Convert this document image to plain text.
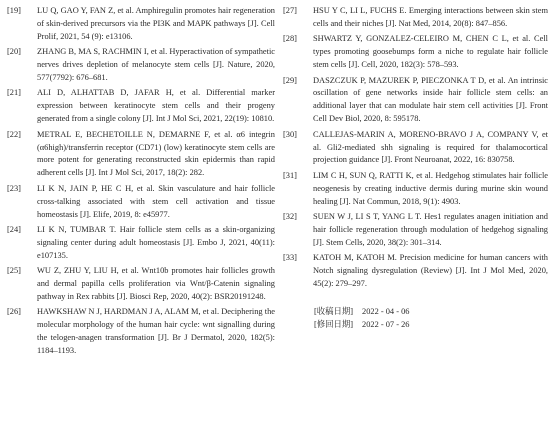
[19]	LU Q, GAO Y, FAN Z, et al. Amphiregulin promotes hair regeneration of skin-derived precursors via the PI3K and MAPK pathways [J]. Cell Prolif, 2021, 54 (9): e13106.
[20]	ZHANG B, MA S, RACHMIN I, et al. Hyperactivation of sympathetic nerves drives depletion of melanocyte stem cells [J]. Nature, 2020, 577(7792): 676–681.
[21]	ALI D, ALHATTAB D, JAFAR H, et al. Differential marker expression between keratinocyte stem cells and their progeny generated from a single colony [J]. Int J Mol Sci, 2021, 22(19): 10810.
[22]	METRAL E, BECHETOILLE N, DEMARNE F, et al. α6 integrin (α6high)/transferrin receptor (CD71) (low) keratinocyte stem cells are more potent for generating reconstructed skin epidermis than rapid adherent cells [J]. Int J Mol Sci, 2017, 18(2): 282.
[23]	LI K N, JAIN P, HE C H, et al. Skin vasculature and hair follicle cross-talking associated with stem cell activation and tissue homeostasis [J]. Elife, 2019, 8: e45977.
[24]	LI K N, TUMBAR T. Hair follicle stem cells as a skin-organizing signaling center during adult homeostasis [J]. Embo J, 2021, 40(11): e107135.
[25]	WU Z, ZHU Y, LIU H, et al. Wnt10b promotes hair follicles growth and dermal papilla cells proliferation via Wnt/β-Catenin signaling pathway in Rex rabbits [J]. Biosci Rep, 2020, 40(2): BSR20191248.
[26]	HAWKSHAW N J, HARDMAN J A, ALAM M, et al. Deciphering the molecular morphology of the human hair cycle: wnt signalling during the telogen-anagen transformation [J]. Br J Dermatol, 2020, 182(5): 1184–1193.
[27]	HSU Y C, LI L, FUCHS E. Emerging interactions between skin stem cells and their niches [J]. Nat Med, 2014, 20(8): 847–856.
[28]	SHWARTZ Y, GONZALEZ-CELEIRO M, CHEN C L, et al. Cell types promoting goosebumps form a niche to regulate hair follicle stem cells [J]. Cell, 2020, 182(3): 578–593.
[29]	DASZCZUK P, MAZUREK P, PIECZONKA T D, et al. An intrinsic oscillation of gene networks inside hair follicle stem cells: an additional layer that can modulate hair stem cell activities [J]. Front Cell Dev Biol, 2020, 8: 595178.
[30]	CALLEJAS-MARIN A, MORENO-BRAVO J A, COMPANY V, et al. Gli2-mediated shh signaling is required for thalamocortical projection guidance [J]. Front Neuroanat, 2022, 16: 830758.
[31]	LIM C H, SUN Q, RATTI K, et al. Hedgehog stimulates hair follicle neogenesis by creating inductive dermis during murine skin wound healing [J]. Nat Commun, 2018, 9(1): 4903.
[32]	SUEN W J, LI S T, YANG L T. Hes1 regulates anagen initiation and hair follicle regeneration through modulation of hedgehog signaling [J]. Stem Cells, 2020, 38(2): 301–314.
[33]	KATOH M, KATOH M. Precision medicine for human cancers with Notch signaling dysregulation (Review) [J]. Int J Mol Med, 2020, 45(2): 279–297.
[收稿日期]	2022 - 04 - 06
[修回日期]	2022 - 07 - 26
